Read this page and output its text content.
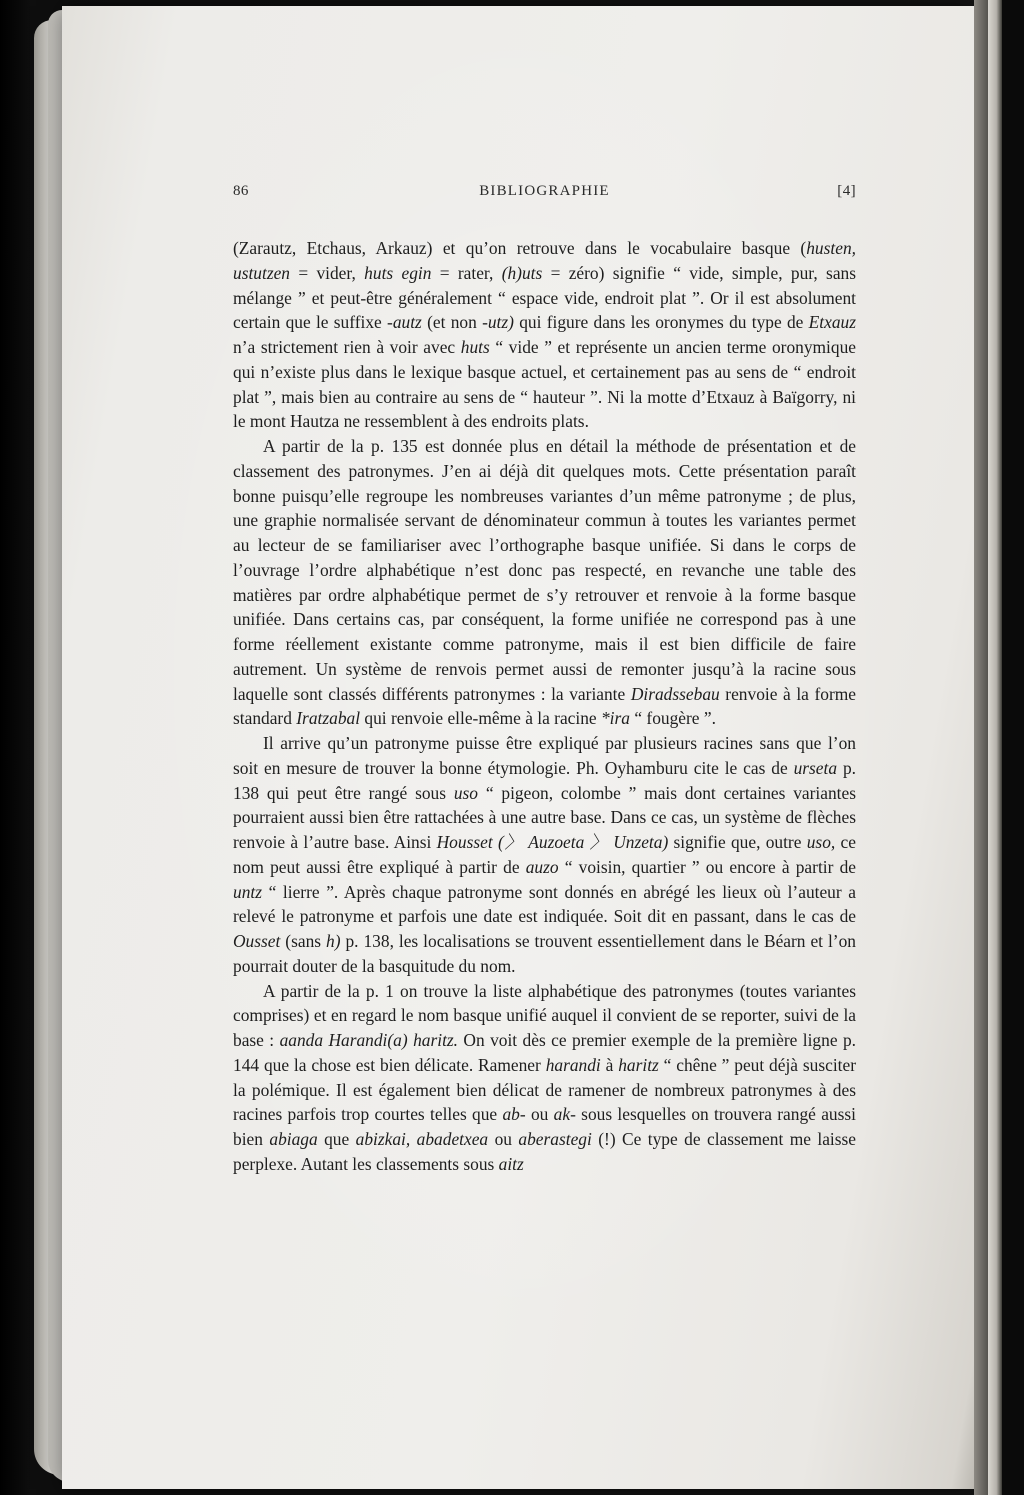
86	BIBLIOGRAPHIE	[4]

(Zarautz, Etchaus, Arkauz) et qu’on retrouve dans le vocabulaire basque (husten, ustutzen = vider, huts egin = rater, (h)uts = zéro) signifie “ vide, simple, pur, sans mélange ” et peut-être généralement “ espace vide, endroit plat ”. Or il est absolument certain que le suffixe -autz (et non -utz) qui figure dans les oronymes du type de Etxauz n’a strictement rien à voir avec huts “ vide ” et représente un ancien terme oronymique qui n’existe plus dans le lexique basque actuel, et certainement pas au sens de “ endroit plat ”, mais bien au contraire au sens de “ hauteur ”. Ni la motte d’Etxauz à Baïgorry, ni le mont Hautza ne ressemblent à des endroits plats.

A partir de la p. 135 est donnée plus en détail la méthode de présentation et de classement des patronymes. J’en ai déjà dit quelques mots. Cette présentation paraît bonne puisqu’elle regroupe les nombreuses variantes d’un même patronyme ; de plus, une graphie normalisée servant de dénominateur commun à toutes les variantes permet au lecteur de se familiariser avec l’orthographe basque unifiée. Si dans le corps de l’ouvrage l’ordre alphabétique n’est donc pas respecté, en revanche une table des matières par ordre alphabétique permet de s’y retrouver et renvoie à la forme basque unifiée. Dans certains cas, par conséquent, la forme unifiée ne correspond pas à une forme réellement existante comme patronyme, mais il est bien difficile de faire autrement. Un système de renvois permet aussi de remonter jusqu’à la racine sous laquelle sont classés différents patronymes : la variante Diradssebau renvoie à la forme standard Iratzabal qui renvoie elle-même à la racine *ira “ fougère ”.

Il arrive qu’un patronyme puisse être expliqué par plusieurs racines sans que l’on soit en mesure de trouver la bonne étymologie. Ph. Oyhamburu cite le cas de urseta p. 138 qui peut être rangé sous uso “ pigeon, colombe ” mais dont certaines variantes pourraient aussi bien être rattachées à une autre base. Dans ce cas, un système de flèches renvoie à l’autre base. Ainsi Housset (〉 Auzoeta 〉 Unzeta) signifie que, outre uso, ce nom peut aussi être expliqué à partir de auzo “ voisin, quartier ” ou encore à partir de untz “ lierre ”. Après chaque patronyme sont donnés en abrégé les lieux où l’auteur a relevé le patronyme et parfois une date est indiquée. Soit dit en passant, dans le cas de Ousset (sans h) p. 138, les localisations se trouvent essentiellement dans le Béarn et l’on pourrait douter de la basquitude du nom.

A partir de la p. 1 on trouve la liste alphabétique des patronymes (toutes variantes comprises) et en regard le nom basque unifié auquel il convient de se reporter, suivi de la base : aanda Harandi(a) haritz. On voit dès ce premier exemple de la première ligne p. 144 que la chose est bien délicate. Ramener harandi à haritz “ chêne ” peut déjà susciter la polémique. Il est également bien délicat de ramener de nombreux patronymes à des racines parfois trop courtes telles que ab- ou ak- sous lesquelles on trouvera rangé aussi bien abiaga que abizkai, abadetxea ou aberastegi (!) Ce type de classement me laisse perplexe. Autant les classements sous aitz
